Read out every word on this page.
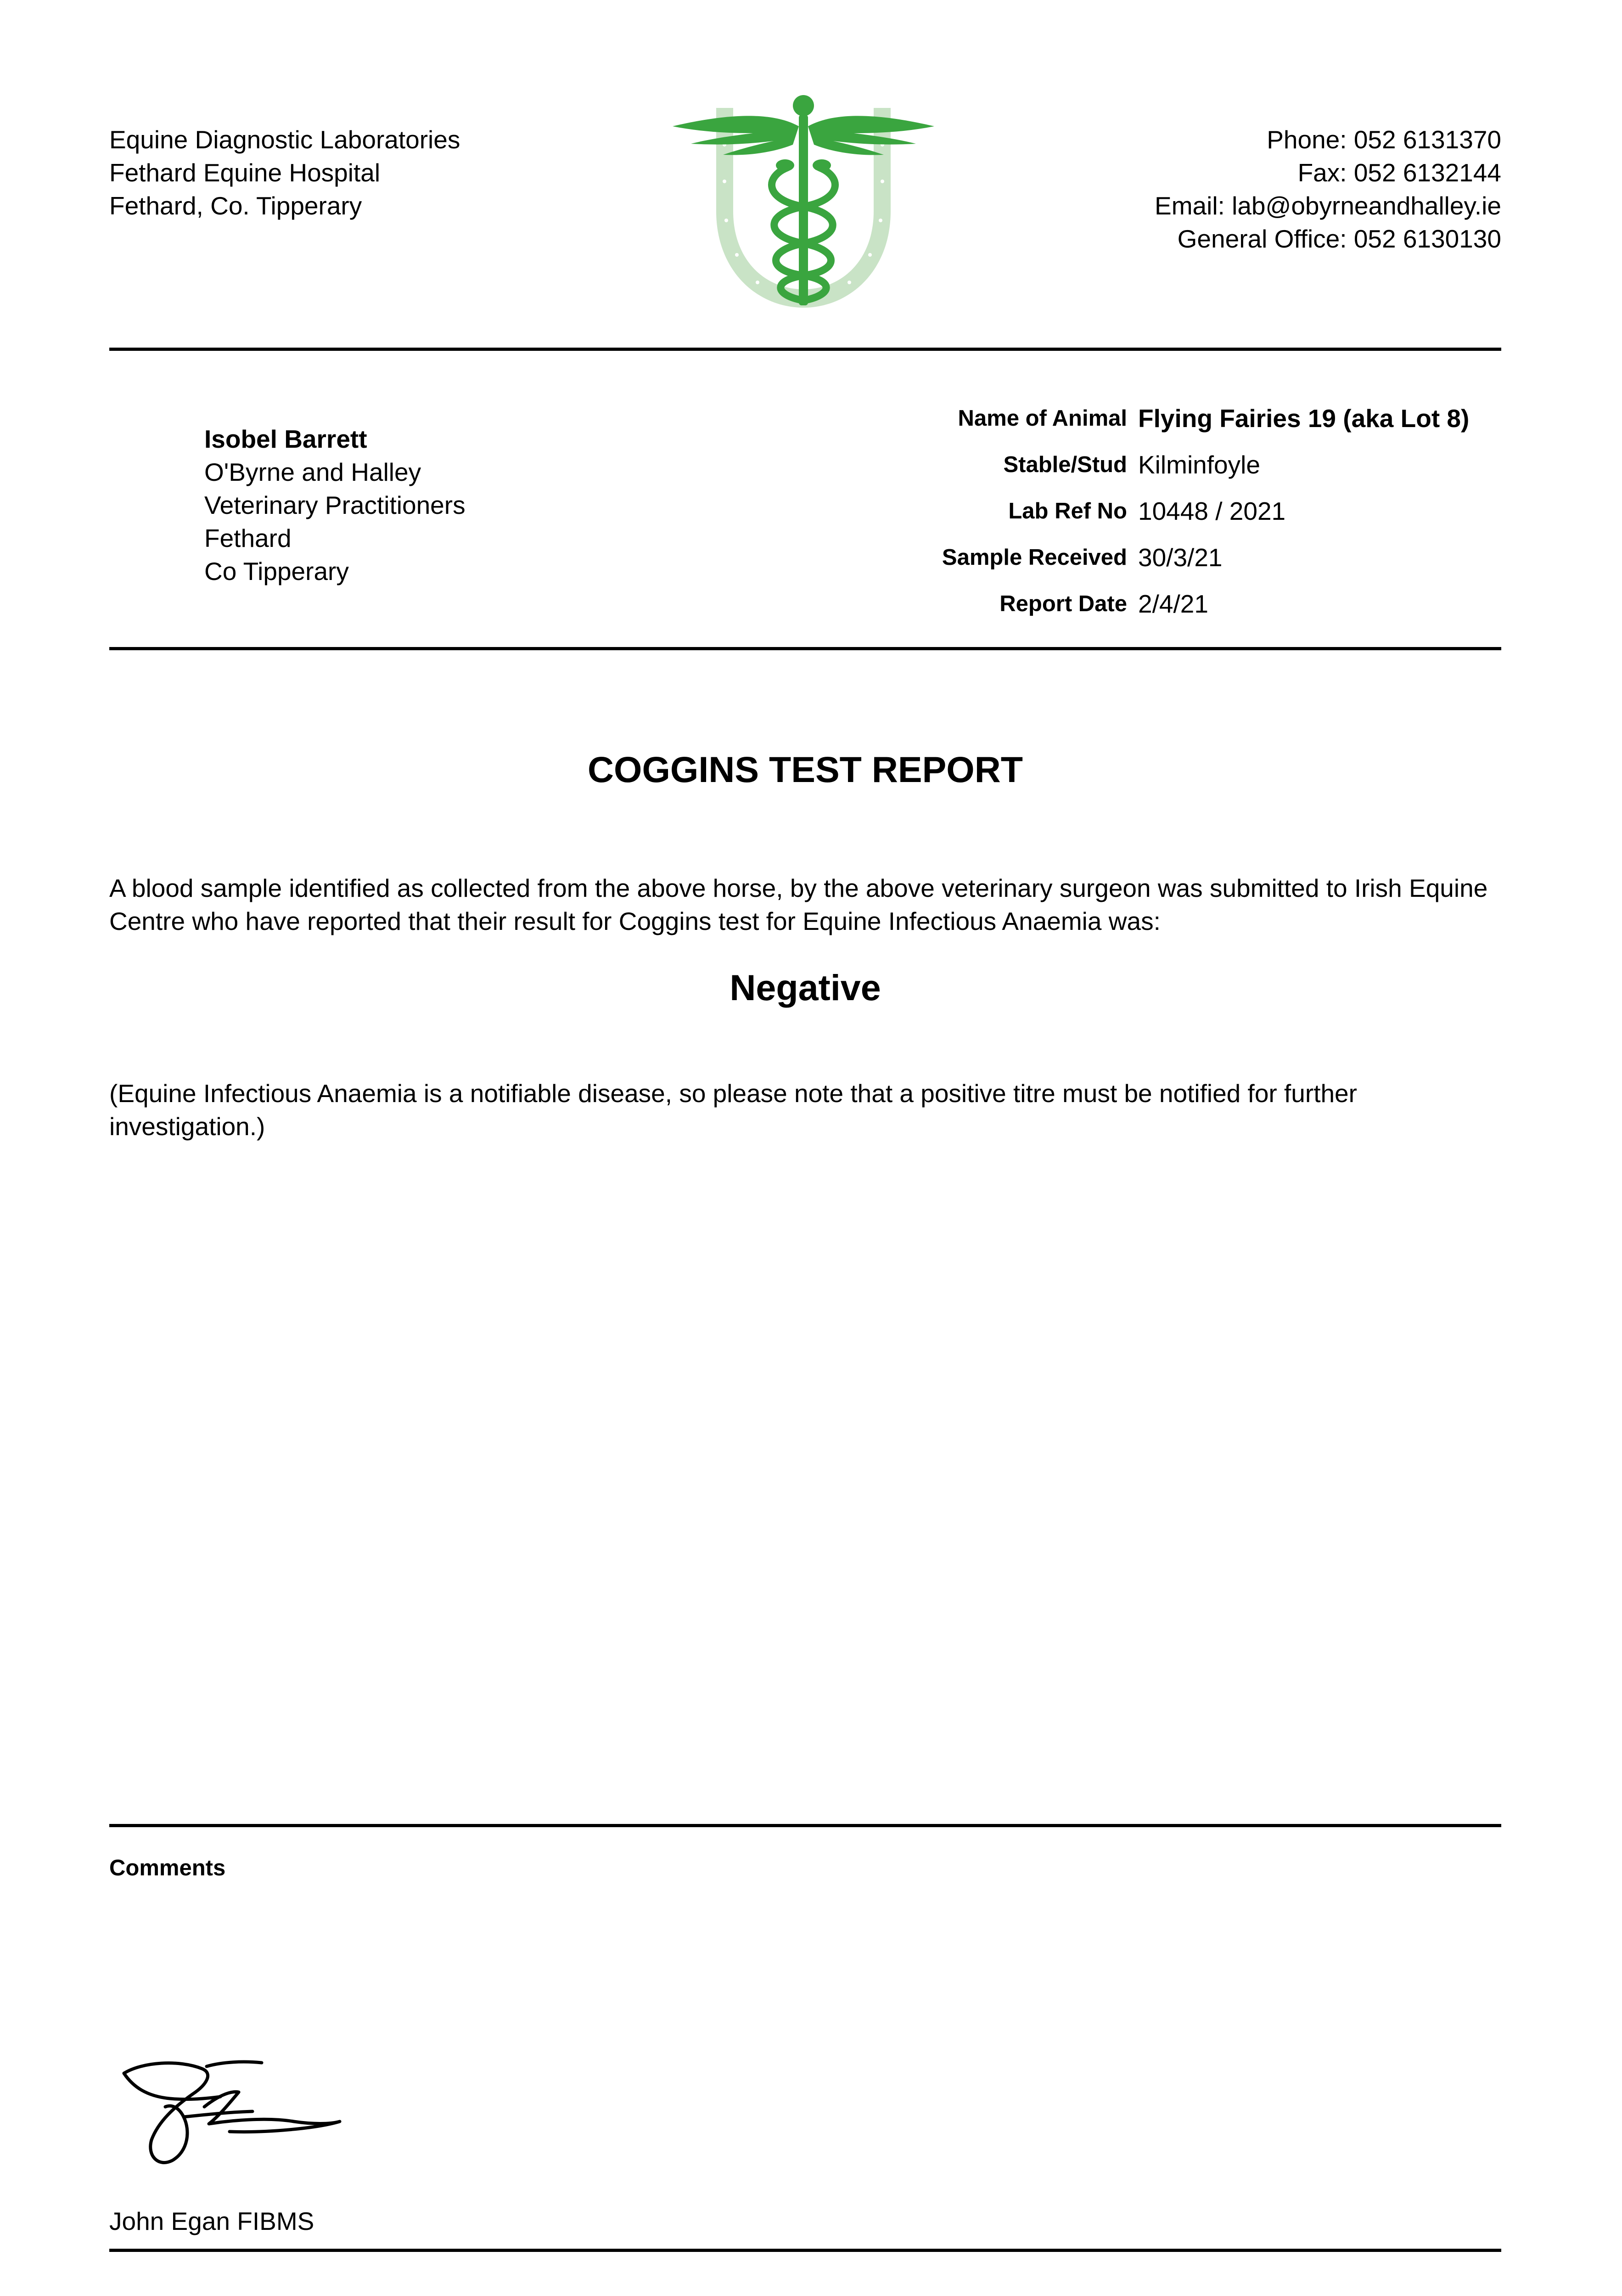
Equine Diagnostic Laboratories
Fethard Equine Hospital
Fethard, Co. Tipperary
Phone: 052 6131370
Fax: 052 6132144
Email: lab@obyrneandhalley.ie
General Office: 052 6130130
Isobel Barrett
O'Byrne and Halley
Veterinary Practitioners
Fethard
Co Tipperary
Name of Animal Flying Fairies 19 (aka Lot 8)
Stable/Stud Kilminfoyle
Lab Ref No 10448 / 2021
Sample Received 30/3/21
Report Date 2/4/21
COGGINS TEST REPORT
A blood sample identified as collected from the above horse, by the above veterinary surgeon was submitted to Irish Equine Centre who have reported that their result for Coggins test for Equine Infectious Anaemia was:
Negative
(Equine Infectious Anaemia is a notifiable disease, so please note that a positive titre must be notified for further investigation.)
Comments
John Egan FIBMS
